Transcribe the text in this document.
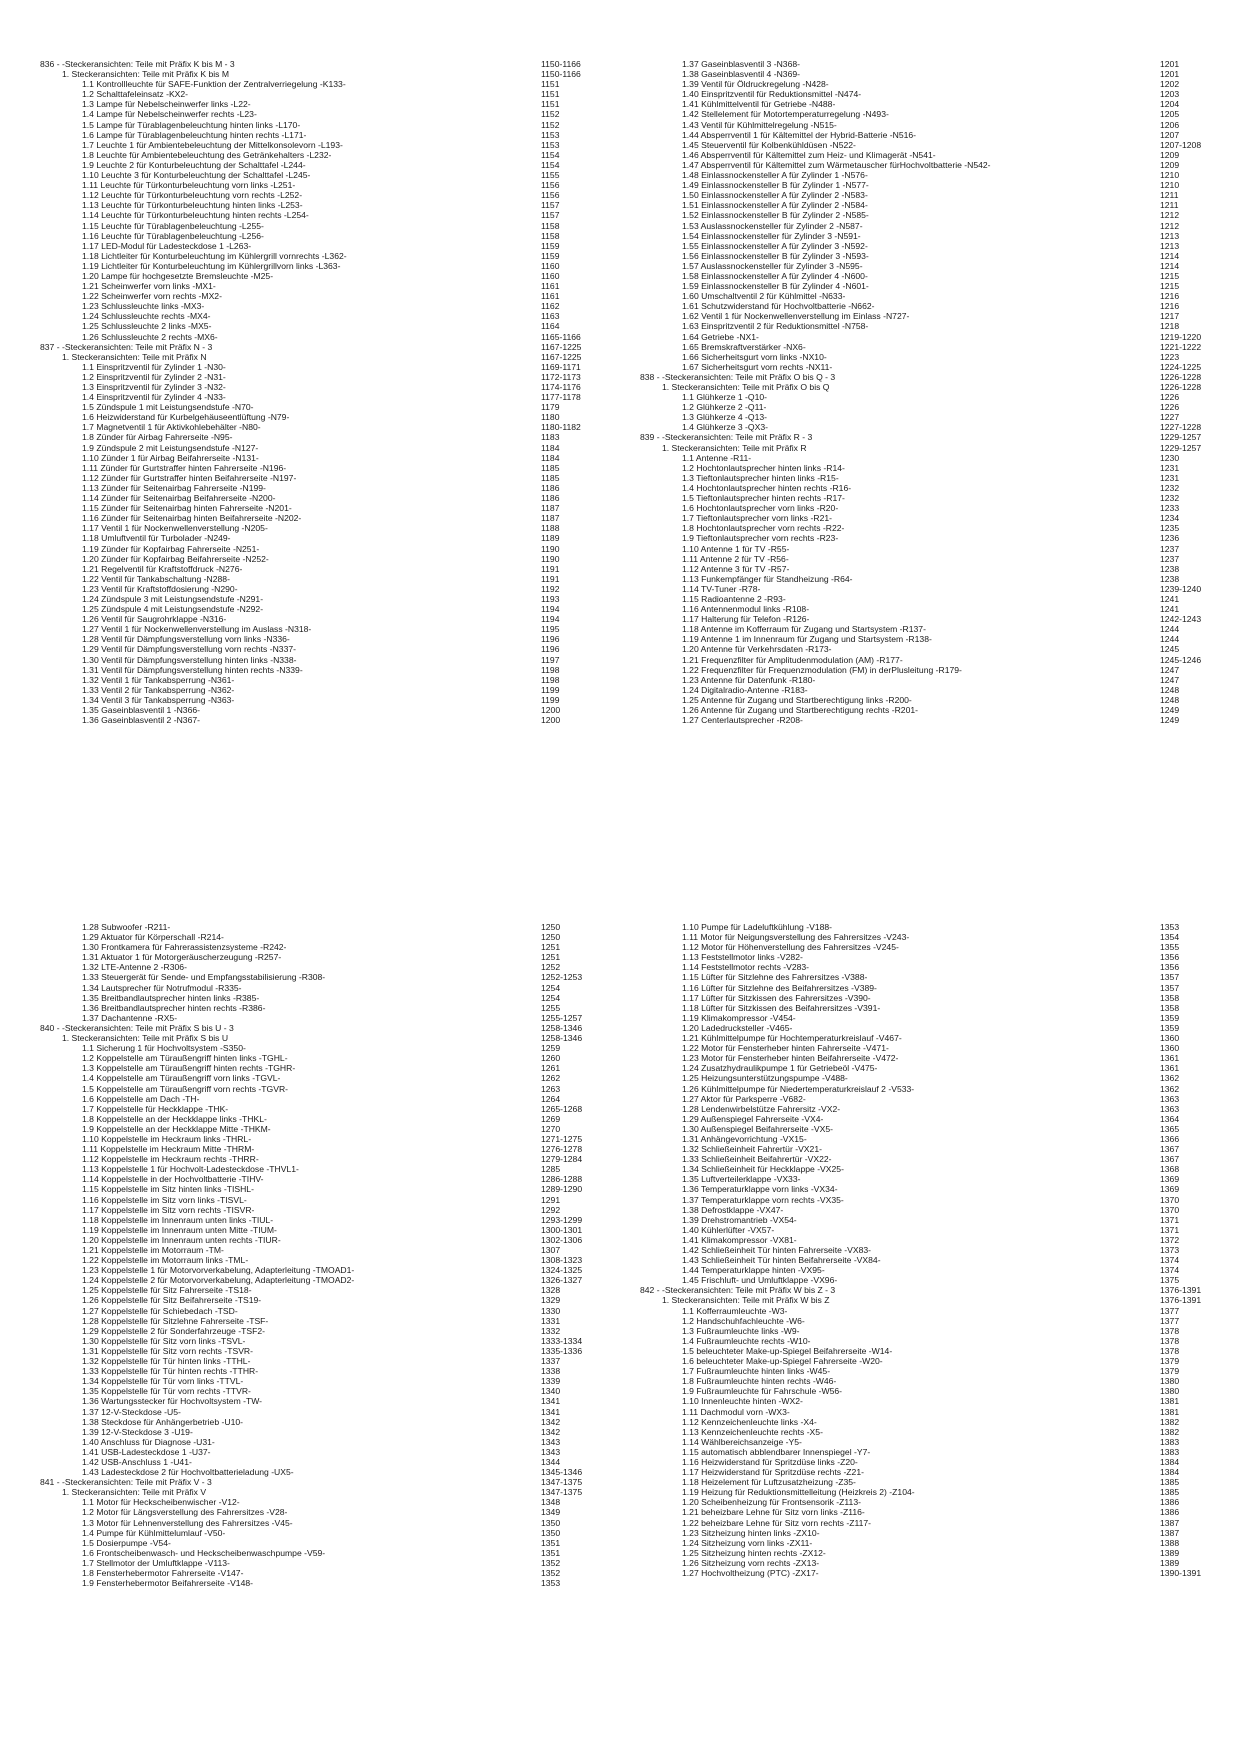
836 - -Steckeransichten: Teile mit Präfix K bis M - 3	1150-1166
1. Steckeransichten: Teile mit Präfix K bis M	1150-1166
1.1 Kontrollleuchte für SAFE-Funktion der Zentralverriegelung -K133-	1151
1.2 Schalttafeleinsatz -KX2-	1151
1.3 Lampe für Nebelscheinwerfer links -L22-	1151
1.4 Lampe für Nebelscheinwerfer rechts -L23-	1152
1.5 Lampe für Türablagenbeleuchtung hinten links -L170-	1152
1.6 Lampe für Türablagenbeleuchtung hinten rechts -L171-	1153
1.7 Leuchte 1 für Ambientebeleuchtung der Mittelkonsolevorn -L193-	1153
1.8 Leuchte für Ambientebeleuchtung des Getränkehalters -L232-	1154
1.9 Leuchte 2 für Konturbeleuchtung der Schalttafel -L244-	1154
1.10 Leuchte 3 für Konturbeleuchtung der Schalttafel -L245-	1155
1.11 Leuchte für Türkonturbeleuchtung vorn links -L251-	1156
1.12 Leuchte für Türkonturbeleuchtung vorn rechts -L252-	1156
1.13 Leuchte für Türkonturbeleuchtung hinten links -L253-	1157
1.14 Leuchte für Türkonturbeleuchtung hinten rechts -L254-	1157
1.15 Leuchte für Türablagenbeleuchtung -L255-	1158
1.16 Leuchte für Türablagenbeleuchtung -L256-	1158
1.17 LED-Modul für Ladesteckdose 1 -L263-	1159
1.18 Lichtleiter für Konturbeleuchtung im Kühlergrill vornrechts -L362-	1159
1.19 Lichtleiter für Konturbeleuchtung im Kühlergrillvorn links -L363-	1160
1.20 Lampe für hochgesetzte Bremsleuchte -M25-	1160
1.21 Scheinwerfer vorn links -MX1-	1161
1.22 Scheinwerfer vorn rechts -MX2-	1161
1.23 Schlussleuchte links -MX3-	1162
1.24 Schlussleuchte rechts -MX4-	1163
1.25 Schlussleuchte 2 links -MX5-	1164
1.26 Schlussleuchte 2 rechts -MX6-	1165-1166
837 - -Steckeransichten: Teile mit Präfix N - 3	1167-1225
1. Steckeransichten: Teile mit Präfix N	1167-1225
1.1 Einspritzventil für Zylinder 1 -N30-	1169-1171
1.2 Einspritzventil für Zylinder 2 -N31-	1172-1173
1.3 Einspritzventil für Zylinder 3 -N32-	1174-1176
1.4 Einspritzventil für Zylinder 4 -N33-	1177-1178
1.5 Zündspule 1 mit Leistungsendstufe -N70-	1179
1.6 Heizwiderstand für Kurbelgehäuseentlüftung -N79-	1180
1.7 Magnetventil 1 für Aktivkohlebehälter -N80-	1180-1182
1.8 Zünder für Airbag Fahrerseite -N95-	1183
1.9 Zündspule 2 mit Leistungsendstufe -N127-	1184
1.10 Zünder 1 für Airbag Beifahrerseite -N131-	1184
1.11 Zünder für Gurtstraffer hinten Fahrerseite -N196-	1185
1.12 Zünder für Gurtstraffer hinten Beifahrerseite -N197-	1185
1.13 Zünder für Seitenairbag Fahrerseite -N199-	1186
1.14 Zünder für Seitenairbag Beifahrerseite -N200-	1186
1.15 Zünder für Seitenairbag hinten Fahrerseite -N201-	1187
1.16 Zünder für Seitenairbag hinten Beifahrerseite -N202-	1187
1.17 Ventil 1 für Nockenwellenverstellung -N205-	1188
1.18 Umluftventil für Turbolader -N249-	1189
1.19 Zünder für Kopfairbag Fahrerseite -N251-	1190
1.20 Zünder für Kopfairbag Beifahrerseite -N252-	1190
1.21 Regelventil für Kraftstoffdruck -N276-	1191
1.22 Ventil für Tankabschaltung -N288-	1191
1.23 Ventil für Kraftstoffdosierung -N290-	1192
1.24 Zündspule 3 mit Leistungsendstufe -N291-	1193
1.25 Zündspule 4 mit Leistungsendstufe -N292-	1194
1.26 Ventil für Saugrohrklappe -N316-	1194
1.27 Ventil 1 für Nockenwellenverstellung im Auslass -N318-	1195
1.28 Ventil für Dämpfungsverstellung vorn links -N336-	1196
1.29 Ventil für Dämpfungsverstellung vorn rechts -N337-	1196
1.30 Ventil für Dämpfungsverstellung hinten links -N338-	1197
1.31 Ventil für Dämpfungsverstellung hinten rechts -N339-	1198
1.32 Ventil 1 für Tankabsperrung -N361-	1198
1.33 Ventil 2 für Tankabsperrung -N362-	1199
1.34 Ventil 3 für Tankabsperrung -N363-	1199
1.35 Gaseinblasventil 1 -N366-	1200
1.36 Gaseinblasventil 2 -N367-	1200
1.37 Gaseinblasventil 3 -N368-	1201
1.38 Gaseinblasventil 4 -N369-	1201
1.39 Ventil für Öldruckregelung -N428-	1202
1.40 Einspritzventil für Reduktionsmittel -N474-	1203
1.41 Kühlmittelventil für Getriebe -N488-	1204
1.42 Stellelement für Motortemperaturregelung -N493-	1205
1.43 Ventil für Kühlmittelregelung -N515-	1206
1.44 Absperrventil 1 für Kältemittel der Hybrid-Batterie -N516-	1207
1.45 Steuerventil für Kolbenkühldüsen -N522-	1207-1208
1.46 Absperrventil für Kältemittel zum Heiz- und Klimagerät -N541-	1209
1.47 Absperrventil für Kältemittel zum Wärmetauscher fürHochvoltbatterie -N542-	1209
1.48 Einlassnockensteller A für Zylinder 1 -N576-	1210
1.49 Einlassnockensteller B für Zylinder 1 -N577-	1210
1.50 Einlassnockensteller A für Zylinder 2 -N583-	1211
1.51 Einlassnockensteller A für Zylinder 2 -N584-	1211
1.52 Einlassnockensteller B für Zylinder 2 -N585-	1212
1.53 Auslassnockensteller für Zylinder 2 -N587-	1212
1.54 Einlassnockensteller für Zylinder 3 -N591-	1213
1.55 Einlassnockensteller A für Zylinder 3 -N592-	1213
1.56 Einlassnockensteller B für Zylinder 3 -N593-	1214
1.57 Auslassnockensteller für Zylinder 3 -N595-	1214
1.58 Einlassnockensteller A für Zylinder 4 -N600-	1215
1.59 Einlassnockensteller B für Zylinder 4 -N601-	1215
1.60 Umschaltventil 2 für Kühlmittel -N633-	1216
1.61 Schutzwiderstand für Hochvoltbatterie -N662-	1216
1.62 Ventil 1 für Nockenwellenverstellung im Einlass -N727-	1217
1.63 Einspritzventil 2 für Reduktionsmittel -N758-	1218
1.64 Getriebe -NX1-	1219-1220
1.65 Bremskraftverstärker -NX6-	1221-1222
1.66 Sicherheitsgurt vorn links -NX10-	1223
1.67 Sicherheitsgurt vorn rechts -NX11-	1224-1225
838 - -Steckeransichten: Teile mit Präfix O bis Q - 3	1226-1228
1. Steckeransichten: Teile mit Präfix O bis Q	1226-1228
1.1 Glühkerze 1 -Q10-	1226
1.2 Glühkerze 2 -Q11-	1226
1.3 Glühkerze 4 -Q13-	1227
1.4 Glühkerze 3 -QX3-	1227-1228
839 - -Steckeransichten: Teile mit Präfix R - 3	1229-1257
1. Steckeransichten: Teile mit Präfix R	1229-1257
1.1 Antenne -R11-	1230
1.2 Hochtonlautsprecher hinten links -R14-	1231
1.3 Tieftonlautsprecher hinten links -R15-	1231
1.4 Hochtonlautsprecher hinten rechts -R16-	1232
1.5 Tieftonlautsprecher hinten rechts -R17-	1232
1.6 Hochtonlautsprecher vorn links -R20-	1233
1.7 Tieftonlautsprecher vorn links -R21-	1234
1.8 Hochtonlautsprecher vorn rechts -R22-	1235
1.9 Tieftonlautsprecher vorn rechts -R23-	1236
1.10 Antenne 1 für TV -R55-	1237
1.11 Antenne 2 für TV -R56-	1237
1.12 Antenne 3 für TV -R57-	1238
1.13 Funkempfänger für Standheizung -R64-	1238
1.14 TV-Tuner -R78-	1239-1240
1.15 Radioantenne 2 -R93-	1241
1.16 Antennenmodul links -R108-	1241
1.17 Halterung für Telefon -R126-	1242-1243
1.18 Antenne im Kofferraum für Zugang und Startsystem -R137-	1244
1.19 Antenne 1 im Innenraum für Zugang und Startsystem -R138-	1244
1.20 Antenne für Verkehrsdaten -R173-	1245
1.21 Frequenzfilter für Amplitudenmodulation (AM) -R177-	1245-1246
1.22 Frequenzfilter für Frequenzmodulation (FM) in derPlusleitung -R179-	1247
1.23 Antenne für Datenfunk -R180-	1247
1.24 Digitalradio-Antenne -R183-	1248
1.25 Antenne für Zugang und Startberechtigung links -R200-	1248
1.26 Antenne für Zugang und Startberechtigung rechts -R201-	1249
1.27 Centerlautsprecher -R208-	1249
1.28 Subwoofer -R211-	1250
1.29 Aktuator für Körperschall -R214-	1250
1.30 Frontkamera für Fahrerassistenzsysteme -R242-	1251
1.31 Aktuator 1 für Motorgeräuscherzeugung -R257-	1251
1.32 LTE-Antenne 2 -R306-	1252
1.33 Steuergerät für Sende- und Empfangsstabilisierung -R308-	1252-1253
1.34 Lautsprecher für Notrufmodul -R335-	1254
1.35 Breitbandlautsprecher hinten links -R385-	1254
1.36 Breitbandlautsprecher hinten rechts -R386-	1255
1.37 Dachantenne -RX5-	1255-1257
840 - -Steckeransichten: Teile mit Präfix S bis U - 3	1258-1346
1. Steckeransichten: Teile mit Präfix S bis U	1258-1346
1.1 Sicherung 1 für Hochvoltsystem -S350-	1259
1.2 Koppelstelle am Türaußengriff hinten links -TGHL-	1260
1.3 Koppelstelle am Türaußengriff hinten rechts -TGHR-	1261
1.4 Koppelstelle am Türaußengriff vorn links -TGVL-	1262
1.5 Koppelstelle am Türaußengriff vorn rechts -TGVR-	1263
1.6 Koppelstelle am Dach -TH-	1264
1.7 Koppelstelle für Heckklappe -THK-	1265-1268
1.8 Koppelstelle an der Heckklappe links -THKL-	1269
1.9 Koppelstelle an der Heckklappe Mitte -THKM-	1270
1.10 Koppelstelle im Heckraum links -THRL-	1271-1275
1.11 Koppelstelle im Heckraum Mitte -THRM-	1276-1278
1.12 Koppelstelle im Heckraum rechts -THRR-	1279-1284
1.13 Koppelstelle 1 für Hochvolt-Ladesteckdose -THVL1-	1285
1.14 Koppelstelle in der Hochvoltbatterie -TIHV-	1286-1288
1.15 Koppelstelle im Sitz hinten links -TISHL-	1289-1290
1.16 Koppelstelle im Sitz vorn links -TISVL-	1291
1.17 Koppelstelle im Sitz vorn rechts -TISVR-	1292
1.18 Koppelstelle im Innenraum unten links -TIUL-	1293-1299
1.19 Koppelstelle im Innenraum unten Mitte -TIUM-	1300-1301
1.20 Koppelstelle im Innenraum unten rechts -TIUR-	1302-1306
1.21 Koppelstelle im Motorraum -TM-	1307
1.22 Koppelstelle im Motorraum links -TML-	1308-1323
1.23 Koppelstelle 1 für Motorvorverkabelung, Adapterleitung -TMOAD1-	1324-1325
1.24 Koppelstelle 2 für Motorvorverkabelung, Adapterleitung -TMOAD2-	1326-1327
1.25 Koppelstelle für Sitz Fahrerseite -TS18-	1328
1.26 Koppelstelle für Sitz Beifahrerseite -TS19-	1329
1.27 Koppelstelle für Schiebedach -TSD-	1330
1.28 Koppelstelle für Sitzlehne Fahrerseite -TSF-	1331
1.29 Koppelstelle 2 für Sonderfahrzeuge -TSF2-	1332
1.30 Koppelstelle für Sitz vorn links -TSVL-	1333-1334
1.31 Koppelstelle für Sitz vorn rechts -TSVR-	1335-1336
1.32 Koppelstelle für Tür hinten links -TTHL-	1337
1.33 Koppelstelle für Tür hinten rechts -TTHR-	1338
1.34 Koppelstelle für Tür vorn links -TTVL-	1339
1.35 Koppelstelle für Tür vorn rechts -TTVR-	1340
1.36 Wartungsstecker für Hochvoltsystem -TW-	1341
1.37 12-V-Steckdose -U5-	1341
1.38 Steckdose für Anhängerbetrieb -U10-	1342
1.39 12-V-Steckdose 3 -U19-	1342
1.40 Anschluss für Diagnose -U31-	1343
1.41 USB-Ladesteckdose 1 -U37-	1343
1.42 USB-Anschluss 1 -U41-	1344
1.43 Ladesteckdose 2 für Hochvoltbatterieladung -UX5-	1345-1346
841 - -Steckeransichten: Teile mit Präfix V - 3	1347-1375
1. Steckeransichten: Teile mit Präfix V	1347-1375
1.1 Motor für Heckscheibenwischer -V12-	1348
1.2 Motor für Längsverstellung des Fahrersitzes -V28-	1349
1.3 Motor für Lehnenverstellung des Fahrersitzes -V45-	1350
1.4 Pumpe für Kühlmittelumlauf -V50-	1350
1.5 Dosierpumpe -V54-	1351
1.6 Frontscheibenwasch- und Heckscheibenwaschpumpe -V59-	1351
1.7 Stellmotor der Umluftklappe -V113-	1352
1.8 Fensterhebermotor Fahrerseite -V147-	1352
1.9 Fensterhebermotor Beifahrerseite -V148-	1353
1.10 Pumpe für Ladeluftkühlung -V188-	1353
1.11 Motor für Neigungsverstellung des Fahrersitzes -V243-	1354
1.12 Motor für Höhenverstellung des Fahrersitzes -V245-	1355
1.13 Feststellmotor links -V282-	1356
1.14 Feststellmotor rechts -V283-	1356
1.15 Lüfter für Sitzlehne des Fahrersitzes -V388-	1357
1.16 Lüfter für Sitzlehne des Beifahrersitzes -V389-	1357
1.17 Lüfter für Sitzkissen des Fahrersitzes -V390-	1358
1.18 Lüfter für Sitzkissen des Beifahrersitzes -V391-	1358
1.19 Klimakompressor -V454-	1359
1.20 Ladedrucksteller -V465-	1359
1.21 Kühlmittelpumpe für Hochtemperaturkreislauf -V467-	1360
1.22 Motor für Fensterheber hinten Fahrerseite -V471-	1360
1.23 Motor für Fensterheber hinten Beifahrerseite -V472-	1361
1.24 Zusatzhydraulikpumpe 1 für Getriebeöl -V475-	1361
1.25 Heizungsunterstützungspumpe -V488-	1362
1.26 Kühlmittelpumpe für Niedertemperaturkreislauf 2 -V533-	1362
1.27 Aktor für Parksperre -V682-	1363
1.28 Lendenwirbelstütze Fahrersitz -VX2-	1363
1.29 Außenspiegel Fahrerseite -VX4-	1364
1.30 Außenspiegel Beifahrerseite -VX5-	1365
1.31 Anhängevorrichtung -VX15-	1366
1.32 Schließeinheit Fahrertür -VX21-	1367
1.33 Schließeinheit Beifahrertür -VX22-	1367
1.34 Schließeinheit für Heckklappe -VX25-	1368
1.35 Luftverteilerklappe -VX33-	1369
1.36 Temperaturklappe vorn links -VX34-	1369
1.37 Temperaturklappe vorn rechts -VX35-	1370
1.38 Defrostklappe -VX47-	1370
1.39 Drehstromantrieb -VX54-	1371
1.40 Kühlerlüfter -VX57-	1371
1.41 Klimakompressor -VX81-	1372
1.42 Schließeinheit Tür hinten Fahrerseite -VX83-	1373
1.43 Schließeinheit Tür hinten Beifahrerseite -VX84-	1374
1.44 Temperaturklappe hinten -VX95-	1374
1.45 Frischluft- und Umluftklappe -VX96-	1375
842 - -Steckeransichten: Teile mit Präfix W bis Z - 3	1376-1391
1. Steckeransichten: Teile mit Präfix W bis Z	1376-1391
1.1 Kofferraumleuchte -W3-	1377
1.2 Handschuhfachleuchte -W6-	1377
1.3 Fußraumleuchte links -W9-	1378
1.4 Fußraumleuchte rechts -W10-	1378
1.5 beleuchteter Make-up-Spiegel Beifahrerseite -W14-	1378
1.6 beleuchteter Make-up-Spiegel Fahrerseite -W20-	1379
1.7 Fußraumleuchte hinten links -W45-	1379
1.8 Fußraumleuchte hinten rechts -W46-	1380
1.9 Fußraumleuchte für Fahrschule -W56-	1380
1.10 Innenleuchte hinten -WX2-	1381
1.11 Dachmodul vorn -WX3-	1381
1.12 Kennzeichenleuchte links -X4-	1382
1.13 Kennzeichenleuchte rechts -X5-	1382
1.14 Wählbereichsanzeige -Y5-	1383
1.15 automatisch abblendbarer Innenspiegel -Y7-	1383
1.16 Heizwiderstand für Spritzdüse links -Z20-	1384
1.17 Heizwiderstand für Spritzdüse rechts -Z21-	1384
1.18 Heizelement für Luftzusatzheizung -Z35-	1385
1.19 Heizung für Reduktionsmittelleitung (Heizkreis 2) -Z104-	1385
1.20 Scheibenheizung für Frontsensorik -Z113-	1386
1.21 beheizbare Lehne für Sitz vorn links -Z116-	1386
1.22 beheizbare Lehne für Sitz vorn rechts -Z117-	1387
1.23 Sitzheizung hinten links -ZX10-	1387
1.24 Sitzheizung vorn links -ZX11-	1388
1.25 Sitzheizung hinten rechts -ZX12-	1389
1.26 Sitzheizung vorn rechts -ZX13-	1389
1.27 Hochvoltheizung (PTC) -ZX17-	1390-1391
